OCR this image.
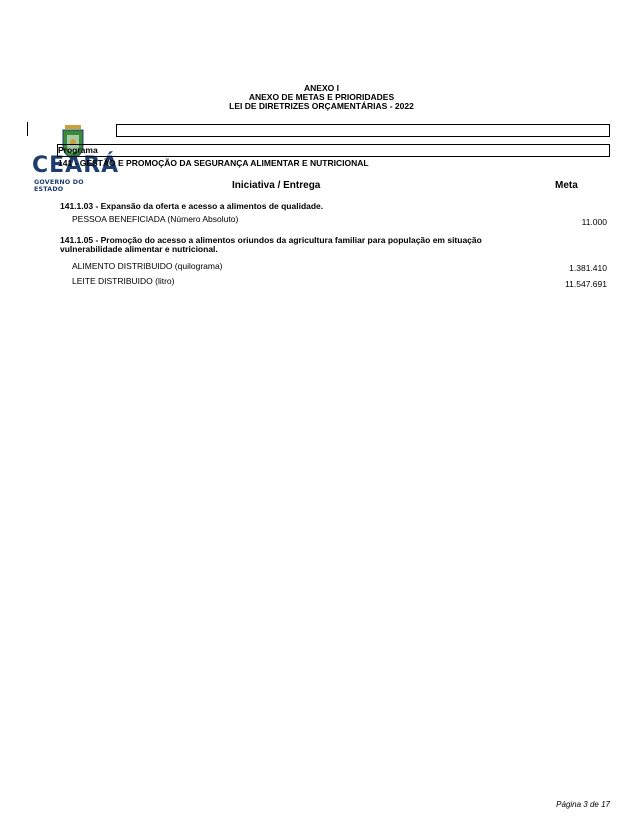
ANEXO I
ANEXO DE METAS E PRIORIDADES
LEI DE DIRETRIZES ORÇAMENTÁRIAS - 2022
CEARÁ
GOVERNO DO ESTADO
Programa
141 - GESTÃO E PROMOÇÃO DA SEGURANÇA ALIMENTAR E NUTRICIONAL
Iniciativa / Entrega	Meta
141.1.03 - Expansão da oferta e acesso a alimentos de qualidade.
PESSOA BENEFICIADA (Número Absoluto)	11.000
141.1.05 - Promoção do acesso a alimentos oriundos da agricultura familiar para população em situação vulnerabilidade alimentar e nutricional.
ALIMENTO DISTRIBUIDO (quilograma)	1.381.410
LEITE DISTRIBUIDO (litro)	11.547.691
Página 3 de 17
